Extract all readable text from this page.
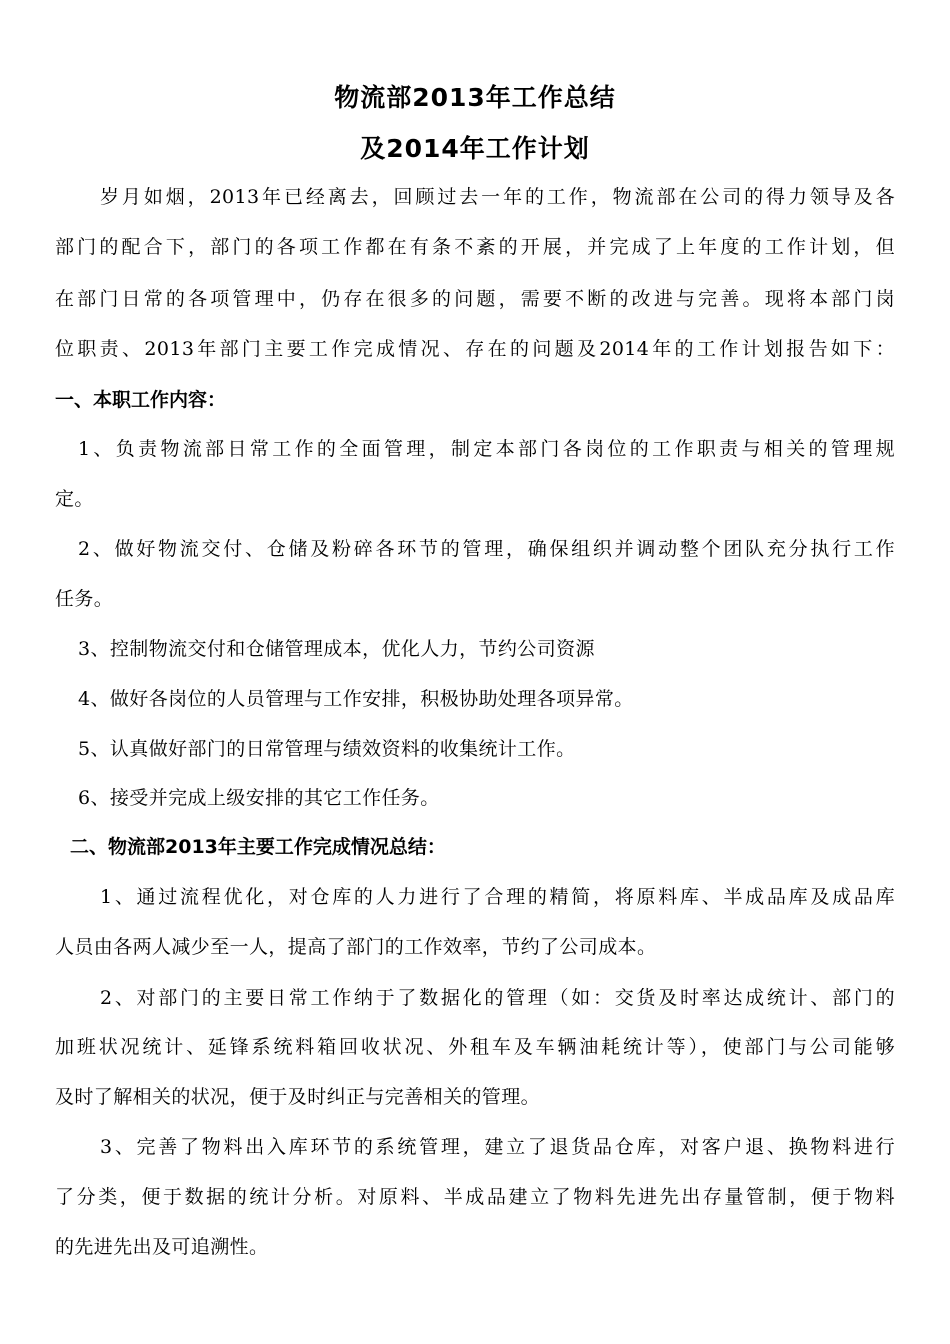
物流部2013年工作总结
及2014年工作计划
岁月如烟，2013年已经离去，回顾过去一年的工作，物流部在公司的得力领导及各
部门的配合下，部门的各项工作都在有条不紊的开展，并完成了上年度的工作计划，但
在部门日常的各项管理中，仍存在很多的问题，需要不断的改进与完善。现将本部门岗
位职责、2013年部门主要工作完成情况、存在的问题及2014年的工作计划报告如下：
一、本职工作内容：
1、负责物流部日常工作的全面管理，制定本部门各岗位的工作职责与相关的管理规
定。
2、做好物流交付、仓储及粉碎各环节的管理，确保组织并调动整个团队充分执行工作
任务。
3、控制物流交付和仓储管理成本，优化人力，节约公司资源
4、做好各岗位的人员管理与工作安排，积极协助处理各项异常。
5、认真做好部门的日常管理与绩效资料的收集统计工作。
6、接受并完成上级安排的其它工作任务。
二、物流部2013年主要工作完成情况总结：
1、通过流程优化，对仓库的人力进行了合理的精简，将原料库、半成品库及成品库
人员由各两人减少至一人，提高了部门的工作效率，节约了公司成本。
2、对部门的主要日常工作纳于了数据化的管理（如：交货及时率达成统计、部门的
加班状况统计、延锋系统料箱回收状况、外租车及车辆油耗统计等），使部门与公司能够
及时了解相关的状况，便于及时纠正与完善相关的管理。
3、完善了物料出入库环节的系统管理，建立了退货品仓库，对客户退、换物料进行
了分类，便于数据的统计分析。对原料、半成品建立了物料先进先出存量管制，便于物料
的先进先出及可追溯性。
